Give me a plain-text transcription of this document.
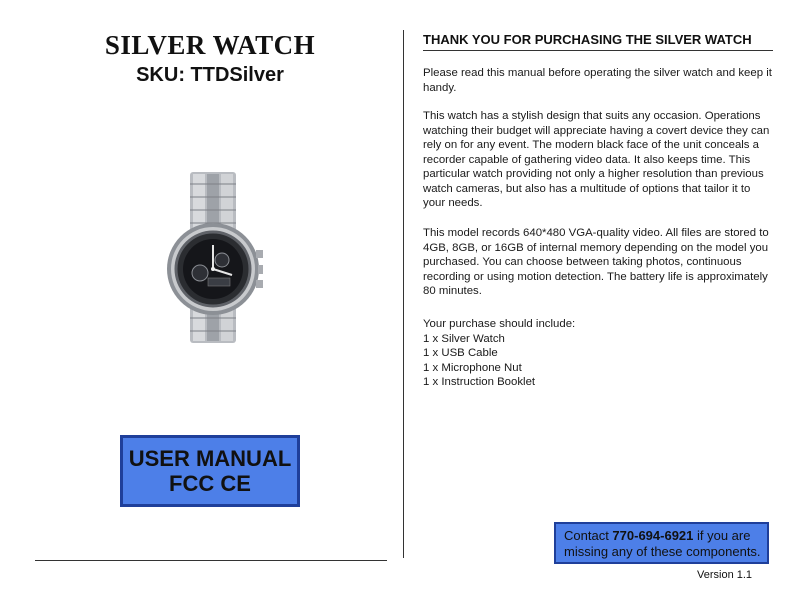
SILVER WATCH
SKU: TTDSilver
USER MANUAL
FCC CE
THANK YOU FOR PURCHASING THE SILVER WATCH
Please read this manual before operating the silver watch and keep it handy.
This watch has a stylish design that suits any occasion. Operations watching their budget will appreciate having a covert device they can rely on for any event. The modern black face of the unit conceals a recorder capable of gathering video data. It also keeps time. This particular watch providing not only a higher resolution than previous watch cameras, but also has a multitude of options that tailor it to your needs.
This model records 640*480 VGA-quality video. All files are stored to 4GB, 8GB, or 16GB of internal memory depending on the model you purchased. You can choose between taking photos, continuous recording or using motion detection. The battery life is approximately 80 minutes.
Your purchase should include:
1 x Silver Watch
1 x USB Cable
1 x Microphone Nut
1 x Instruction Booklet
Contact 770-694-6921 if you are missing any of these components.
Version 1.1
